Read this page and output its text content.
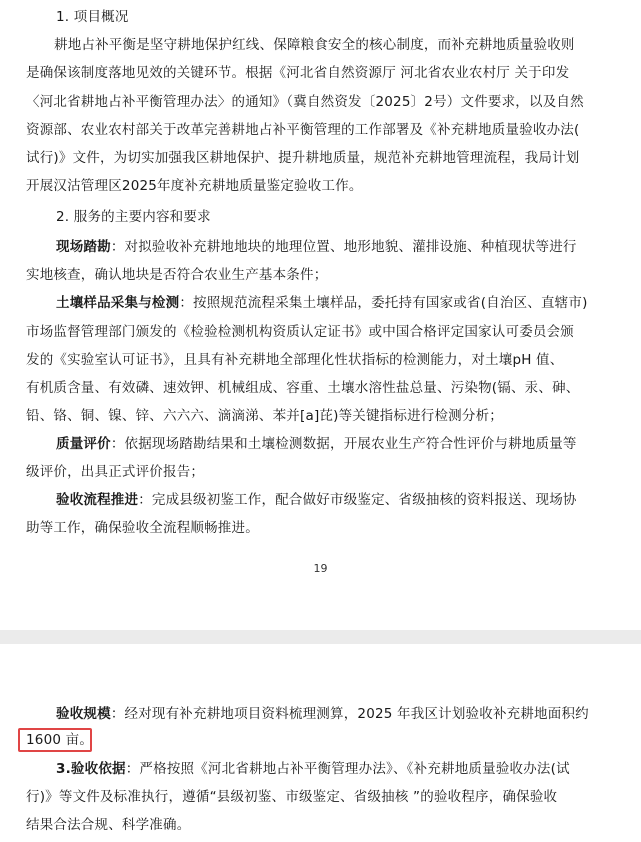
1. 项目概况
耕地占补平衡是坚守耕地保护红线、保障粮食安全的核心制度，而补充耕地质量验收则
是确保该制度落地见效的关键环节。根据《河北省自然资源厅 河北省农业农村厅 关于印发
〈河北省耕地占补平衡管理办法〉的通知》（冀自然资发〔2025〕2号）文件要求，以及自然
资源部、农业农村部关于改革完善耕地占补平衡管理的工作部署及《补充耕地质量验收办法(
试行)》文件，为切实加强我区耕地保护、提升耕地质量，规范补充耕地管理流程，我局计划
开展汉沽管理区2025年度补充耕地质量鉴定验收工作。
2. 服务的主要内容和要求
现场踏勘：对拟验收补充耕地地块的地理位置、地形地貌、灌排设施、种植现状等进行
实地核查，确认地块是否符合农业生产基本条件；
土壤样品采集与检测：按照规范流程采集土壤样品，委托持有国家或省(自治区、直辖市)
市场监督管理部门颁发的《检验检测机构资质认定证书》或中国合格评定国家认可委员会颁
发的《实验室认可证书》，且具有补充耕地全部理化性状指标的检测能力，对土壤pH 值、
有机质含量、有效磷、速效钾、机械组成、容重、土壤水溶性盐总量、污染物(镉、汞、砷、
铅、铬、铜、镍、锌、六六六、滴滴涕、苯并[a]芘)等关键指标进行检测分析；
质量评价：依据现场踏勘结果和土壤检测数据，开展农业生产符合性评价与耕地质量等
级评价，出具正式评价报告；
验收流程推进：完成县级初鉴工作，配合做好市级鉴定、省级抽核的资料报送、现场协
助等工作，确保验收全流程顺畅推进。
19
验收规模：经对现有补充耕地项目资料梳理测算，2025 年我区计划验收补充耕地面积约
1600 亩。
3.验收依据：严格按照《河北省耕地占补平衡管理办法》、《补充耕地质量验收办法(试
行)》等文件及标准执行，遵循“县级初鉴、市级鉴定、省级抽核 ”的验收程序，确保验收
结果合法合规、科学准确。
